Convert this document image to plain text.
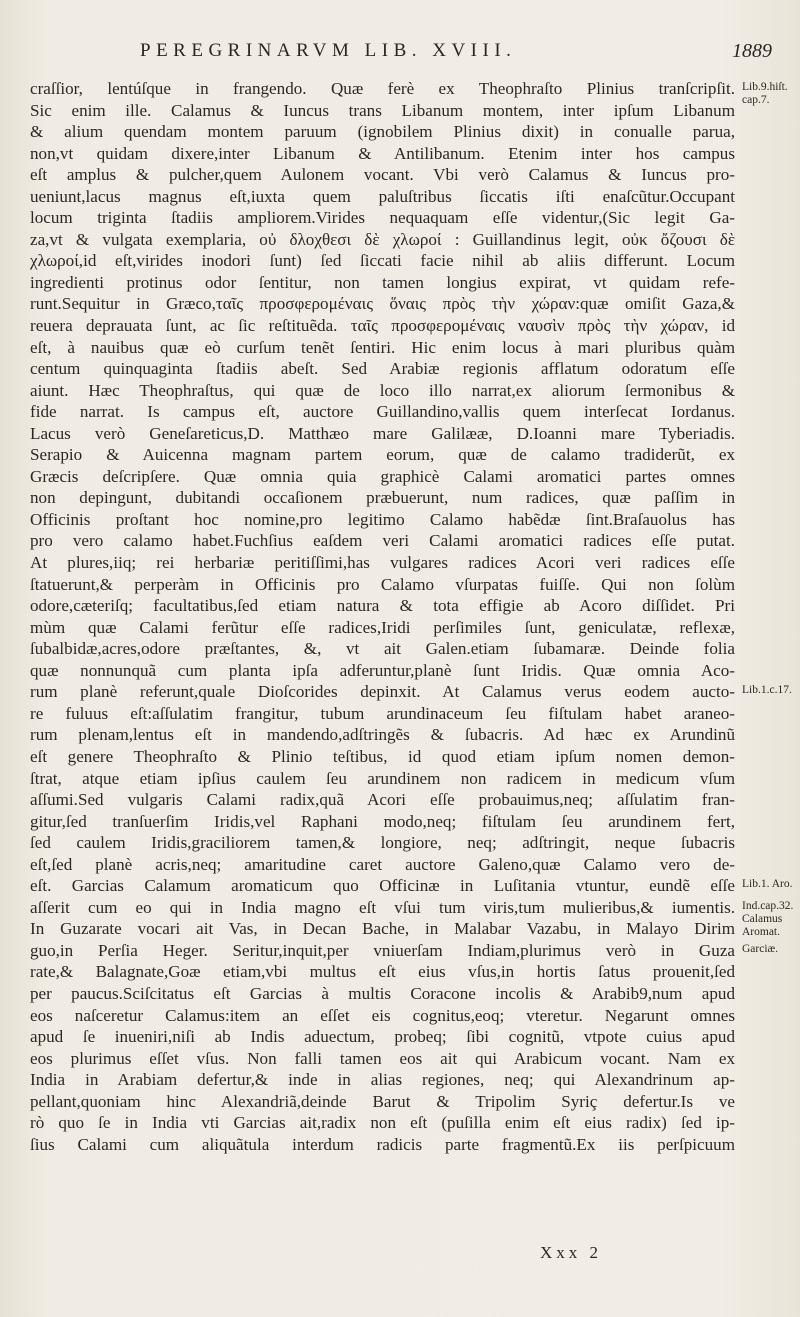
PEREGRINARVM LIB. XVIII.	1889
craſſior, lentúſque in frangendo. Quæ ferè ex Theophraſto Plinius tranſcripſit.
Sic enim ille. Calamus & Iuncus trans Libanum montem, inter ipſum Libanum
& alium quendam montem paruum (ignobilem Plinius dixit) in conualle parua,
non,vt quidam dixere,inter Libanum & Antilibanum. Etenim inter hos campus
eſt amplus & pulcher,quem Aulonem vocant. Vbi verò Calamus & Iuncus pro-
ueniunt,lacus magnus eſt,iuxta quem paluſtribus ſiccatis iſti enaſcũtur.Occupant
locum triginta ſtadiis ampliorem.Virides nequaquam eſſe videntur,(Sic legit Ga-
za,vt & vulgata exemplaria, οὐ δλοχθεσι δὲ χλωροί : Guillandinus legit, οὐκ ὄζουσι δὲ
χλωροί,id eſt,virides inodori ſunt) ſed ſiccati facie nihil ab aliis differunt. Locum
ingredienti protinus odor ſentitur, non tamen longius expirat, vt quidam refe-
runt.Sequitur in Græco,ταῖς προσφερομέναις ὅναις πρὸς τὴν χώραν:quæ omiſit Gaza,&
reuera deprauata ſunt, ac ſic reſtituẽda. ταῖς προσφερομέναις ναυσὶν πρὸς τὴν χώραν, id
eſt, à nauibus quæ eò curſum tenẽt ſentiri. Hic enim locus à mari pluribus quàm
centum quinquaginta ſtadiis abeſt. Sed Arabiæ regionis afflatum odoratum eſſe
aiunt. Hæc Theophraſtus, qui quæ de loco illo narrat,ex aliorum ſermonibus &
fide narrat. Is campus eſt, auctore Guillandino,vallis quem interſecat Iordanus.
Lacus verò Geneſareticus,D. Matthæo mare Galilææ, D.Ioanni mare Tyberiadis.
Serapio & Auicenna magnam partem eorum, quæ de calamo tradiderũt, ex
Græcis deſcripſere. Quæ omnia quia graphicè Calami aromatici partes omnes
non depingunt, dubitandi occaſionem præbuerunt, num radices, quæ paſſim in
Officinis proſtant hoc nomine,pro legitimo Calamo habẽdæ ſint.Braſauolus has
pro vero calamo habet.Fuchſius eaſdem veri Calami aromatici radices eſſe putat.
At plures,iiq; rei herbariæ peritiſſimi,has vulgares radices Acori veri radices eſſe
ſtatuerunt,& perperàm in Officinis pro Calamo vſurpatas fuiſſe. Qui non ſolùm
odore,cæteriſq; facultatibus,ſed etiam natura & tota effigie ab Acoro diſſidet. Pri
mùm quæ Calami ferũtur eſſe radices,Iridi perſimiles ſunt, geniculatæ, reflexæ,
ſubalbidæ,acres,odore præſtantes, &, vt ait Galen.etiam ſubamaræ. Deinde folia
quæ nonnunquã cum planta ipſa adferuntur,planè ſunt Iridis. Quæ omnia Aco-
rum planè referunt,quale Dioſcorides depinxit. At Calamus verus eodem aucto-
re fuluus eſt:aſſulatim frangitur, tubum arundinaceum ſeu fiſtulam habet araneo-
rum plenam,lentus eſt in mandendo,adſtringẽs & ſubacris. Ad hæc ex Arundinũ
eſt genere Theophraſto & Plinio teſtibus, id quod etiam ipſum nomen demon-
ſtrat, atque etiam ipſius caulem ſeu arundinem non radicem in medicum vſum
aſſumi.Sed vulgaris Calami radix,quã Acori eſſe probauimus,neq; aſſulatim fran-
gitur,ſed tranſuerſim Iridis,vel Raphani modo,neq; fiſtulam ſeu arundinem fert,
ſed caulem Iridis,graciliorem tamen,& longiore, neq; adſtringit, neque ſubacris
eſt,ſed planè acris,neq; amaritudine caret auctore Galeno,quæ Calamo vero de-
eſt. Garcias Calamum aromaticum quo Officinæ in Luſitania vtuntur, eundẽ eſſe
aſſerit cum eo qui in India magno eſt vſui tum viris,tum mulieribus,& iumentis.
In Guzarate vocari ait Vas, in Decan Bache, in Malabar Vazabu, in Malayo Dirim
guo,in Perſia Heger. Seritur,inquit,per vniuerſam Indiam,plurimus verò in Guza
rate,& Balagnate,Goæ etiam,vbi multus eſt eius vſus,in hortis ſatus prouenit,ſed
per paucus.Sciſcitatus eſt Garcias à multis Coracone incolis & Arabib9,num apud
eos naſceretur Calamus:item an eſſet eis cognitus,eoq; vteretur. Negarunt omnes
apud ſe inueniri,niſi ab Indis aduectum, probeq; ſibi cognitũ, vtpote cuius apud
eos plurimus eſſet vſus. Non falli tamen eos ait qui Arabicum vocant. Nam ex
India in Arabiam defertur,& inde in alias regiones, neq; qui Alexandrinum ap-
pellant,quoniam hinc Alexandriã,deinde Barut & Tripolim Syriç defertur.Is ve
rò quo ſe in India vti Garcias ait,radix non eſt (puſilla enim eſt eius radix) ſed ip-
ſius Calami cum aliquãtula interdum radicis parte fragmentũ.Ex iis perſpicuum
Lib.9.hiſt. cap.7.
Lib.1.c.17.
Lib.1. Aro.
Ind.cap.32. Calamus Aromat.
Garciæ.
Xxx 2
